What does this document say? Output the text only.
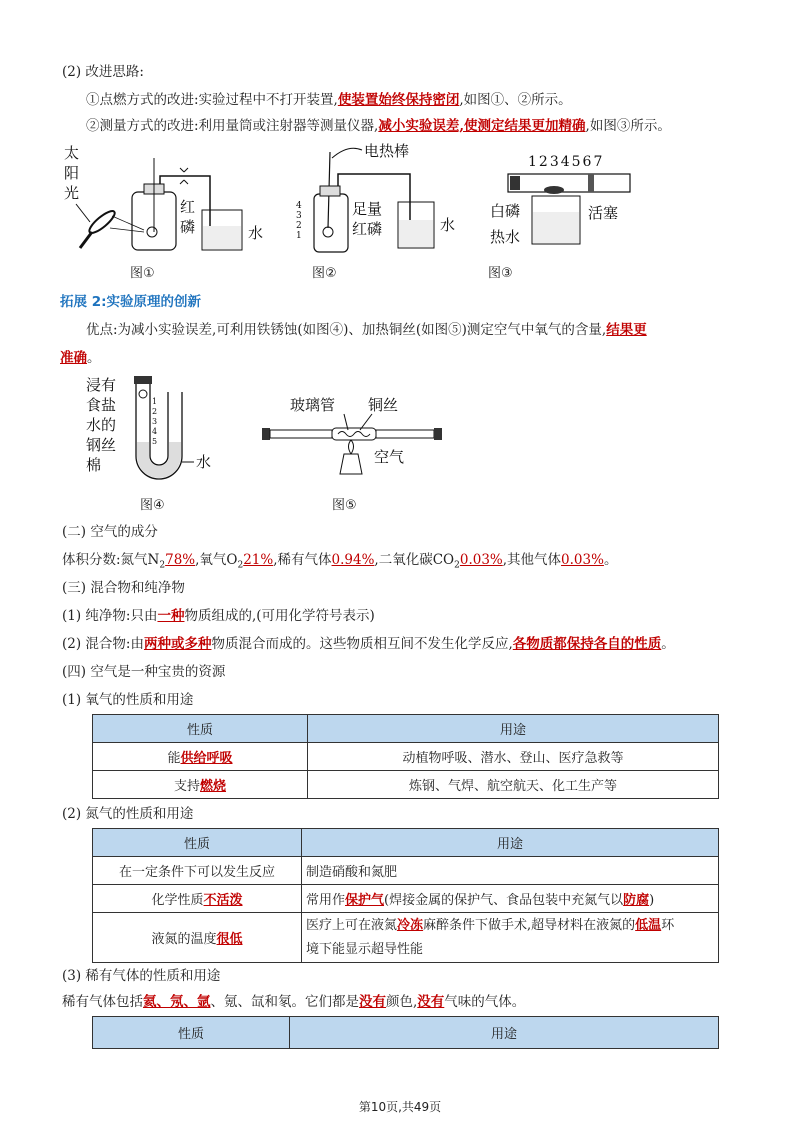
(2) 改进思路:
①点燃方式的改进:实验过程中不打开装置,使装置始终保持密闭,如图①、②所示。
②测量方式的改进:利用量筒或注射器等测量仪器,减小实验误差,使测定结果更加精确,如图③所示。
太
阳
光
红
磷	水
图①
电热棒
4
3
2
1
足量
红磷	水
图②
1234567
白磷
热水
活塞
图③
拓展 2:实验原理的创新
优点:为减小实验误差,可利用铁锈蚀(如图④)、加热铜丝(如图⑤)测定空气中氧气的含量,结果更
准确。
浸有
食盐
水的
钢丝
棉
1
2
3
4
5
水
图④
玻璃管 铜丝
空气
图⑤
(二) 空气的成分
体积分数:氮气$N_278\%$,氧气$O_221\%$,稀有气体0.94%,二氧化碳$CO_20.03\%$,其他气体0.03%。
(三) 混合物和纯净物
(1) 纯净物:只由一种物质组成的,(可用化学符号表示)
(2) 混合物:由两种或多种物质混合而成的。这些物质相互间不发生化学反应,各物质都保持各自的性质。
(四) 空气是一种宝贵的资源
(1) 氧气的性质和用途
性质	用途
能供给呼吸	动植物呼吸、潜水、登山、医疗急救等
支持燃烧	炼钢、气焊、航空航天、化工生产等
(2) 氮气的性质和用途
性质	用途
在一定条件下可以发生反应	制造硝酸和氮肥
化学性质不活泼	常用作保护气(焊接金属的保护气、食品包装中充氮气以防腐)
液氮的温度很低	医疗上可在液氮冷冻麻醉条件下做手术,超导材料在液氮的低温环
境下能显示超导性能
(3) 稀有气体的性质和用途
稀有气体包括氦、氖、氩、氪、氙和氡。它们都是没有颜色,没有气味的气体。
性质	用途
第10页,共49页
